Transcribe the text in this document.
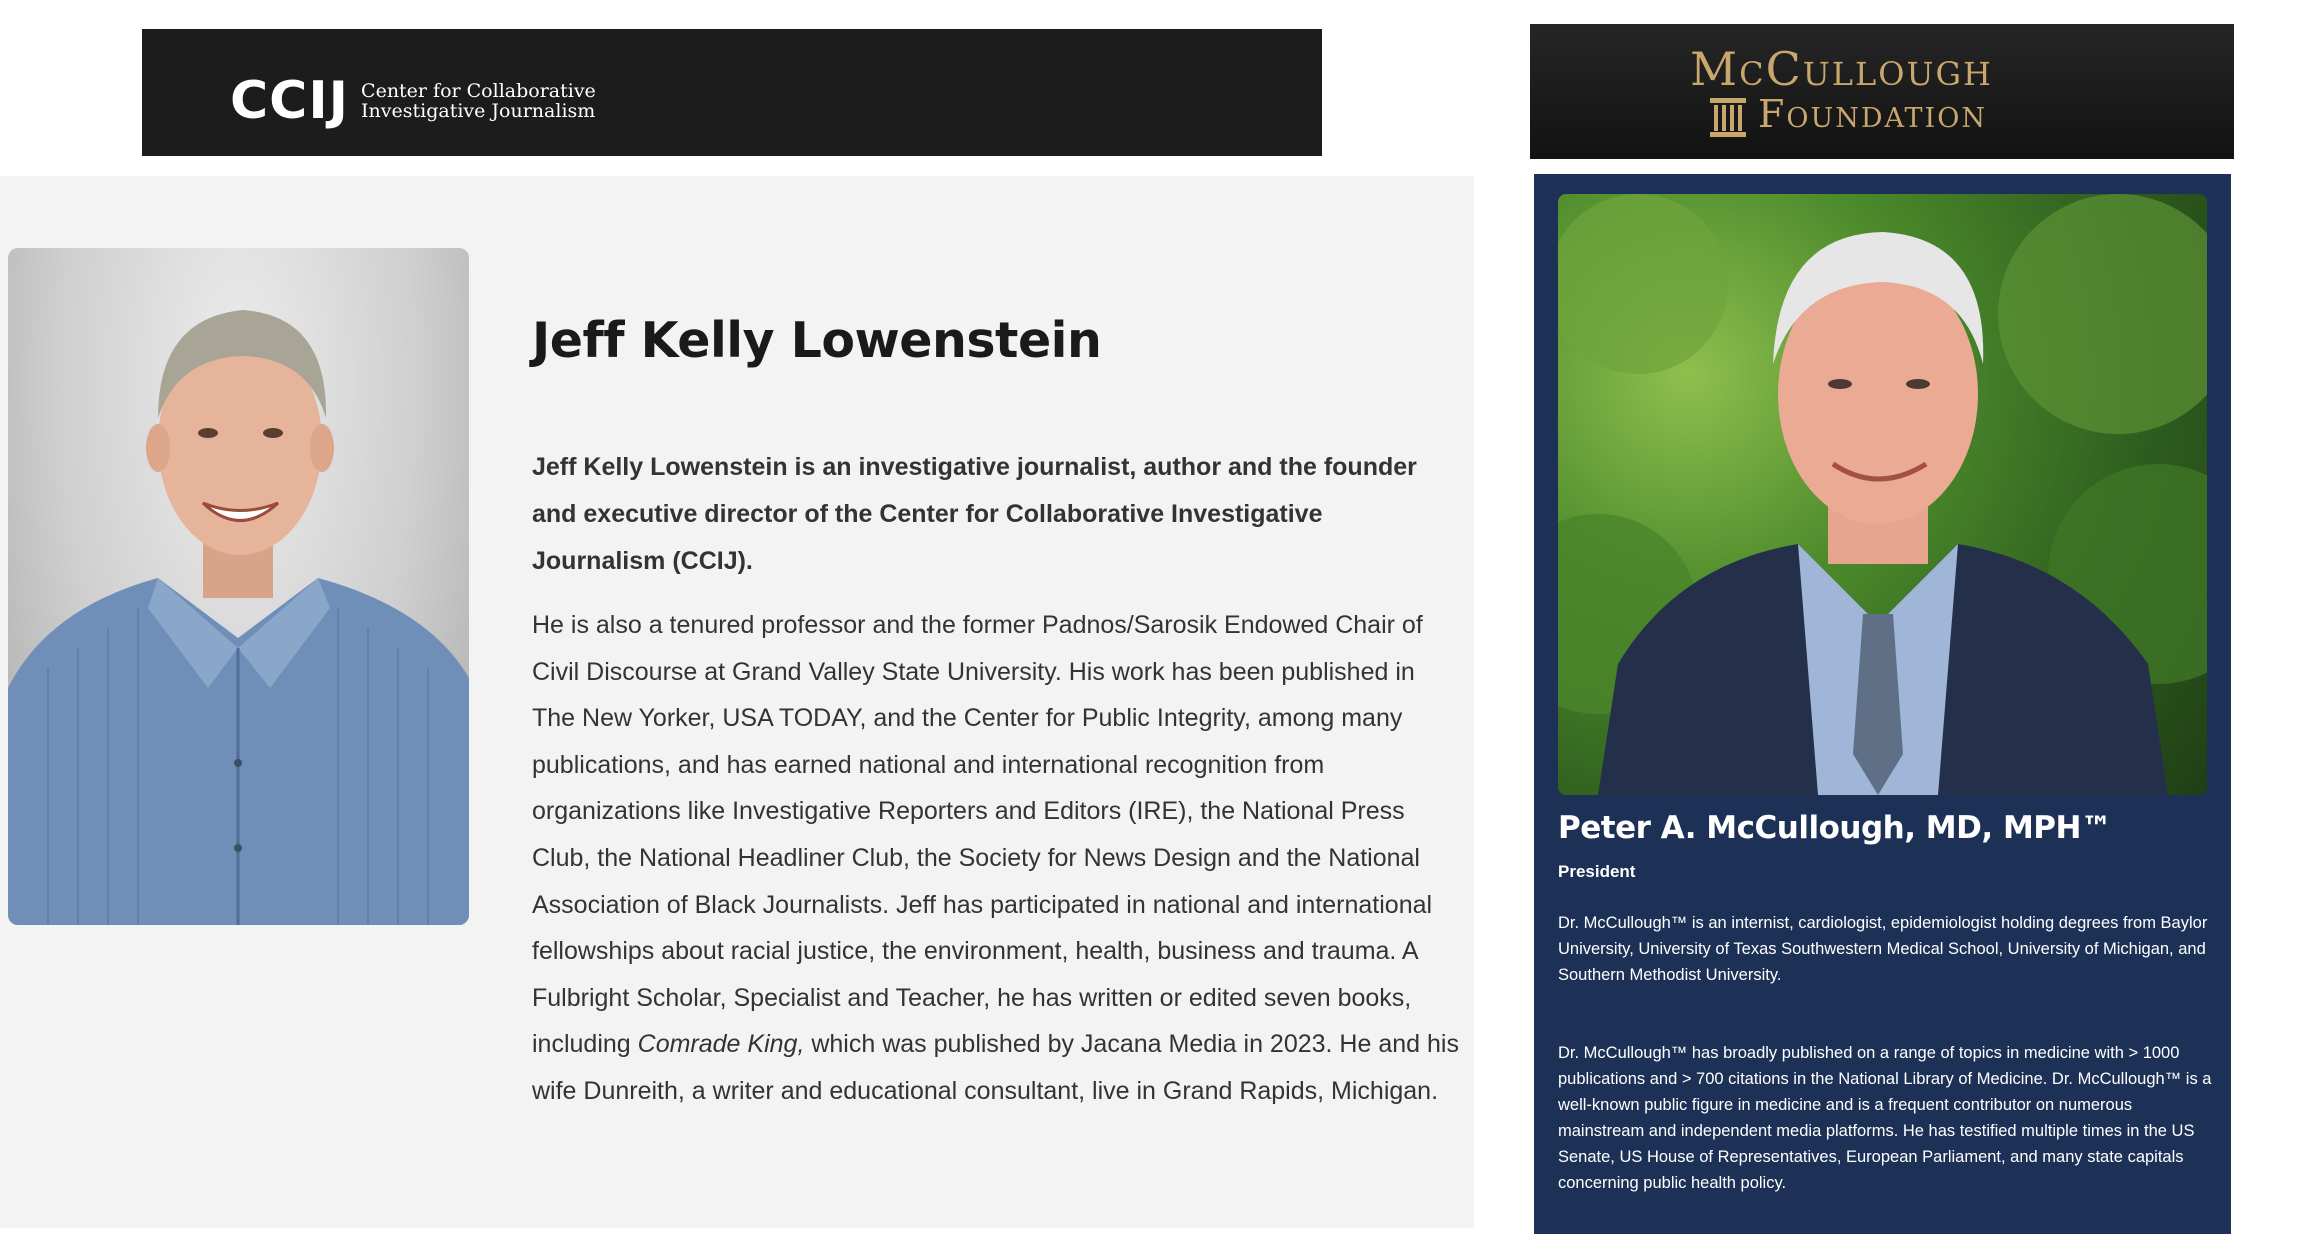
CCIJ Center for Collaborative
Investigative Journalism
Jeff Kelly Lowenstein

Jeff Kelly Lowenstein is an investigative journalist, author and the founder and executive director of the Center for Collaborative Investigative Journalism (CCIJ).

He is also a tenured professor and the former Padnos/Sarosik Endowed Chair of Civil Discourse at Grand Valley State University. His work has been published in The New Yorker, USA TODAY, and the Center for Public Integrity, among many publications, and has earned national and international recognition from organizations like Investigative Reporters and Editors (IRE), the National Press Club, the National Headliner Club, the Society for News Design and the National Association of Black Journalists. Jeff has participated in national and international fellowships about racial justice, the environment, health, business and trauma. A Fulbright Scholar, Specialist and Teacher, he has written or edited seven books, including Comrade King, which was published by Jacana Media in 2023. He and his wife Dunreith, a writer and educational consultant, live in Grand Rapids, Michigan.

McCullough
Foundation
Peter A. McCullough, MD, MPH™
President

Dr. McCullough™ is an internist, cardiologist, epidemiologist holding degrees from Baylor University, University of Texas Southwestern Medical School, University of Michigan, and Southern Methodist University.

Dr. McCullough™ has broadly published on a range of topics in medicine with > 1000 publications and > 700 citations in the National Library of Medicine. Dr. McCullough™ is a well-known public figure in medicine and is a frequent contributor on numerous mainstream and independent media platforms. He has testified multiple times in the US Senate, US House of Representatives, European Parliament, and many state capitals concerning public health policy.
